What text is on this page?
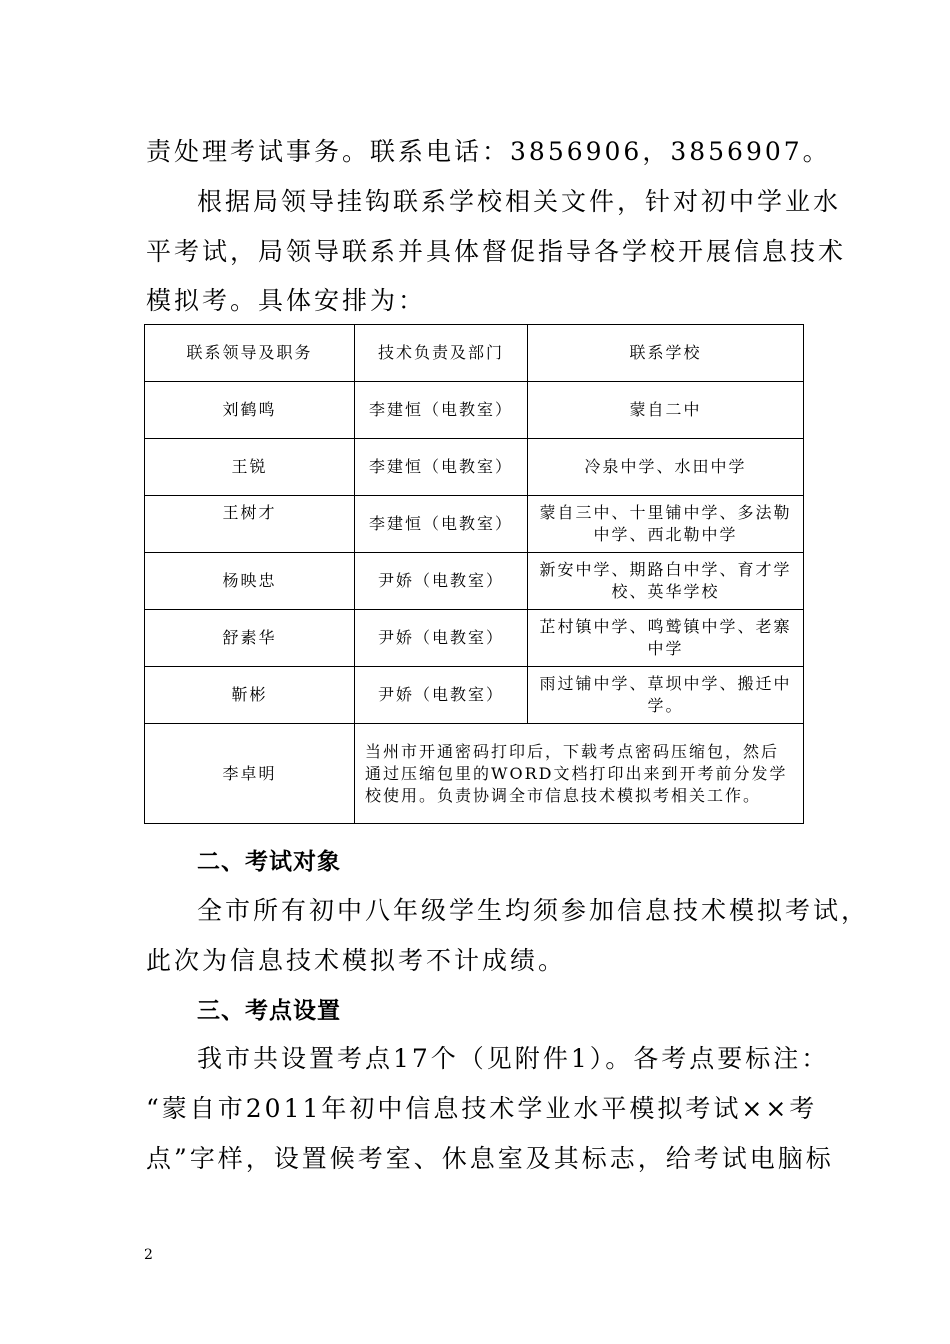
责处理考试事务。联系电话：3856906，3856907。
根据局领导挂钩联系学校相关文件，针对初中学业水
平考试，局领导联系并具体督促指导各学校开展信息技术
模拟考。具体安排为：
联系领导及职务	技术负责及部门	联系学校
刘鹤鸣	李建恒（电教室）	蒙自二中
王锐	李建恒（电教室）	冷泉中学、水田中学
王树才	李建恒（电教室）	蒙自三中、十里铺中学、多法勒中学、西北勒中学
杨映忠	尹娇（电教室）	新安中学、期路白中学、育才学校、英华学校
舒素华	尹娇（电教室）	芷村镇中学、鸣鹫镇中学、老寨中学
靳彬	尹娇（电教室）	雨过铺中学、草坝中学、搬迁中学。
李卓明	当州市开通密码打印后，下载考点密码压缩包，然后通过压缩包里的WORD文档打印出来到开考前分发学校使用。负责协调全市信息技术模拟考相关工作。	
二、考试对象
全市所有初中八年级学生均须参加信息技术模拟考试，
此次为信息技术模拟考不计成绩。
三、考点设置
我市共设置考点17个（见附件1）。各考点要标注：
“蒙自市2011年初中信息技术学业水平模拟考试××考
点”字样，设置候考室、休息室及其标志，给考试电脑标
2
